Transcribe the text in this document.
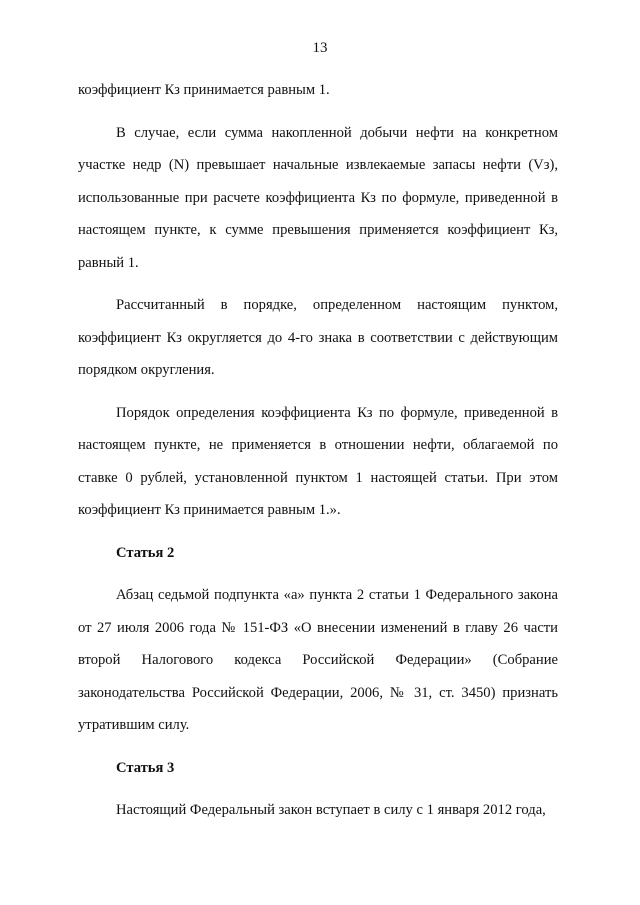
13
коэффициент Кз принимается равным 1.
В случае, если сумма накопленной добычи нефти на конкретном
участке недр (N) превышает начальные извлекаемые запасы нефти (Vз),
использованные при расчете коэффициента Кз по формуле, приведенной в
настоящем пункте, к сумме превышения применяется коэффициент Кз,
равный 1.
Рассчитанный в порядке, определенном настоящим пунктом,
коэффициент Кз округляется до 4-го знака в соответствии с действующим
порядком округления.
Порядок определения коэффициента Кз по формуле, приведенной в
настоящем пункте, не применяется в отношении нефти, облагаемой по
ставке 0 рублей, установленной пунктом 1 настоящей статьи. При этом
коэффициент Кз принимается равным 1.».
Статья 2
Абзац седьмой подпункта «а» пункта 2 статьи 1 Федерального закона
от 27 июля 2006 года № 151-ФЗ «О внесении изменений в главу 26 части
второй Налогового кодекса Российской Федерации» (Собрание
законодательства Российской Федерации, 2006, № 31, ст. 3450) признать
утратившим силу.
Статья 3
Настоящий Федеральный закон вступает в силу с 1 января 2012 года,
